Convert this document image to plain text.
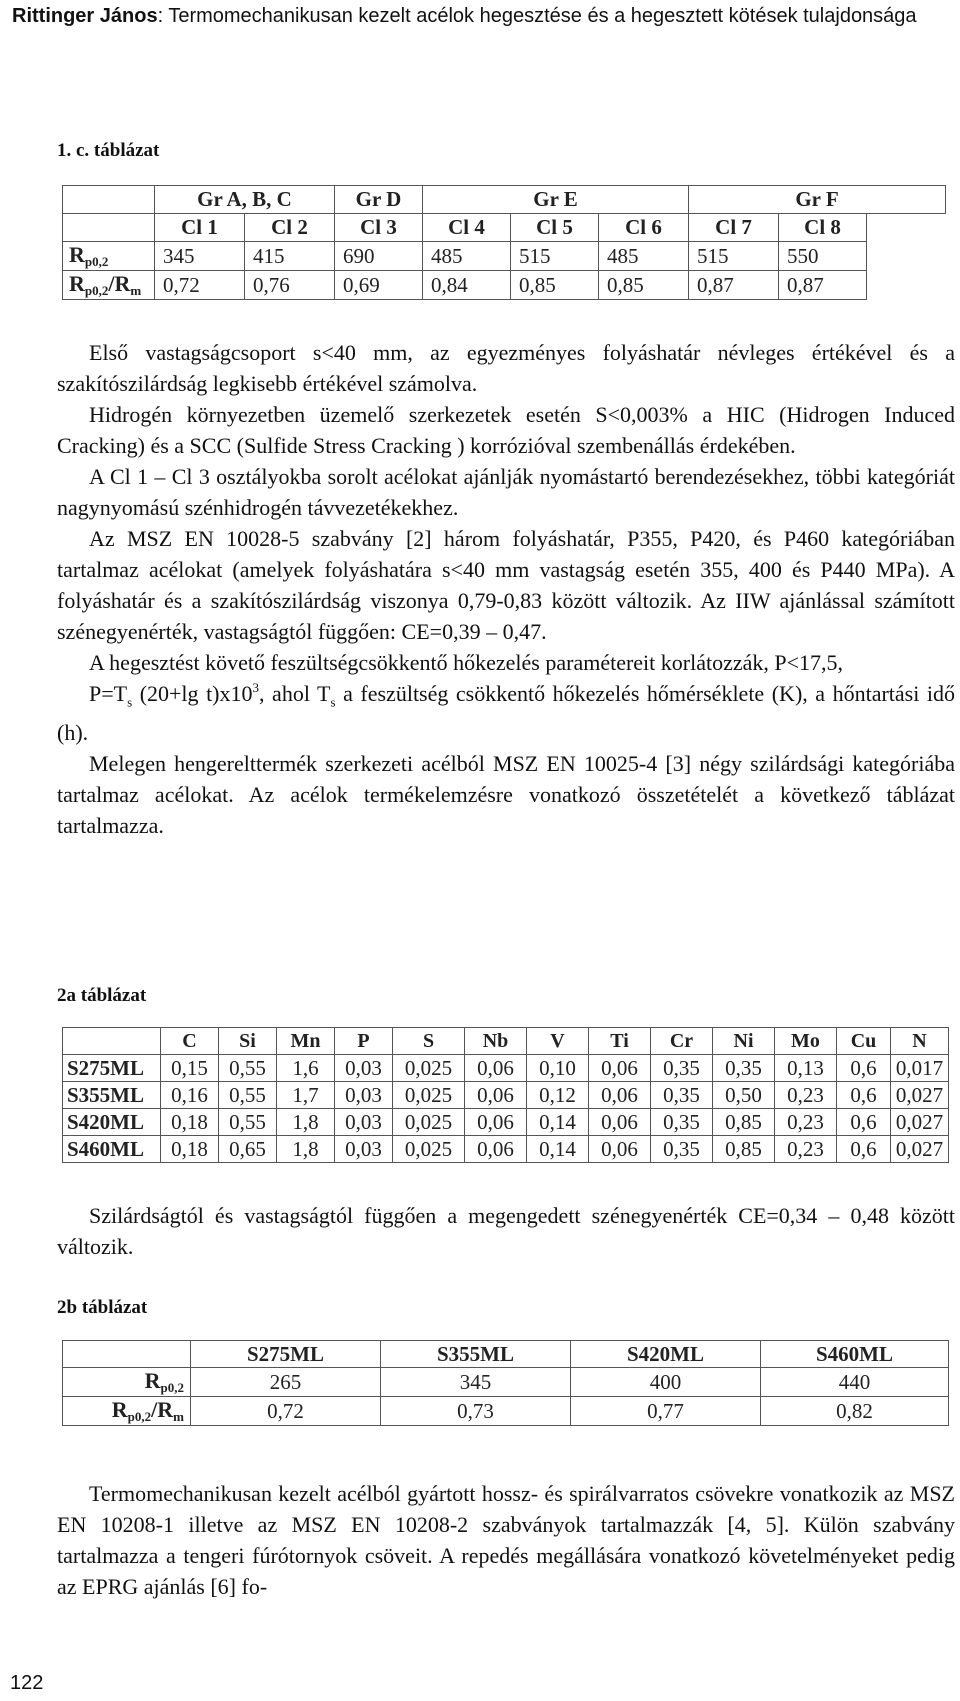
Rittinger János: Termomechanikusan kezelt acélok hegesztése és a hegesztett kötések tulajdonsága
1. c. táblázat
	Gr A, B, C		Gr D	Gr E			Gr F	
	Cl 1	Cl 2	Cl 3	Cl 4	Cl 5	Cl 6	Cl 7	Cl 8
$R_{p0,2}$	345	415	690	485	515	485	515	550
$R_{p0,2}/R_m$	0,72	0,76	0,69	0,84	0,85	0,85	0,87	0,87

Első vastagságcsoport s<40 mm, az egyezményes folyáshatár névleges értékével és a szakítószilárdság legkisebb értékével számolva.

Hidrogén környezetben üzemelő szerkezetek esetén S<0,003% a HIC (Hidrogen Induced Cracking) és a SCC (Sulfide Stress Cracking ) korrózióval szembenállás érdekében.

A Cl 1 – Cl 3 osztályokba sorolt acélokat ajánlják nyomástartó berendezésekhez, többi kategóriát nagynyomású szénhidrogén távvezetékekhez.

Az MSZ EN 10028-5 szabvány [2] három folyáshatár, P355, P420, és P460 kategóriában tartalmaz acélokat (amelyek folyáshatára s<40 mm vastagság esetén 355, 400 és P440 MPa). A folyáshatár és a szakítószilárdság viszonya 0,79-0,83 között változik. Az IIW ajánlással számított szénegyenérték, vastagságtól függően: CE=0,39 – 0,47.

A hegesztést követő feszültségcsökkentő hőkezelés paramétereit korlátozzák, P<17,5,

$P=T_s$ (20+lg $t)x10^3$, ahol $T_s$ a feszültség csökkentő hőkezelés hőmérséklete (K), a hőntartási idő (h).

Melegen hengerelttermék szerkezeti acélból MSZ EN 10025-4 [3] négy szilárdsági kategóriába tartalmaz acélokat. Az acélok termékelemzésre vonatkozó összetételét a következő táblázat tartalmazza.

2a táblázat
	C	Si	Mn	P	S	Nb	V	Ti	Cr	Ni	Mo	Cu	N
S275ML	0,15	0,55	1,6	0,03	0,025	0,06	0,10	0,06	0,35	0,35	0,13	0,6	0,017
S355ML	0,16	0,55	1,7	0,03	0,025	0,06	0,12	0,06	0,35	0,50	0,23	0,6	0,027
S420ML	0,18	0,55	1,8	0,03	0,025	0,06	0,14	0,06	0,35	0,85	0,23	0,6	0,027
S460ML	0,18	0,65	1,8	0,03	0,025	0,06	0,14	0,06	0,35	0,85	0,23	0,6	0,027

Szilárdságtól és vastagságtól függően a megengedett szénegyenérték CE=0,34 – 0,48 között változik.

2b táblázat
	S275ML	S355ML	S420ML	S460ML
$R_{p0,2}$	265	345	400	440
$R_{p0,2}/R_m$	0,72	0,73	0,77	0,82

Termomechanikusan kezelt acélból gyártott hossz- és spirálvarratos csövekre vonatkozik az MSZ EN 10208-1 illetve az MSZ EN 10208-2 szabványok tartalmazzák [4, 5]. Külön szabvány tartalmazza a tengeri fúrótornyok csöveit. A repedés megállására vonatkozó követelményeket pedig az EPRG ajánlás [6] fo-

122
